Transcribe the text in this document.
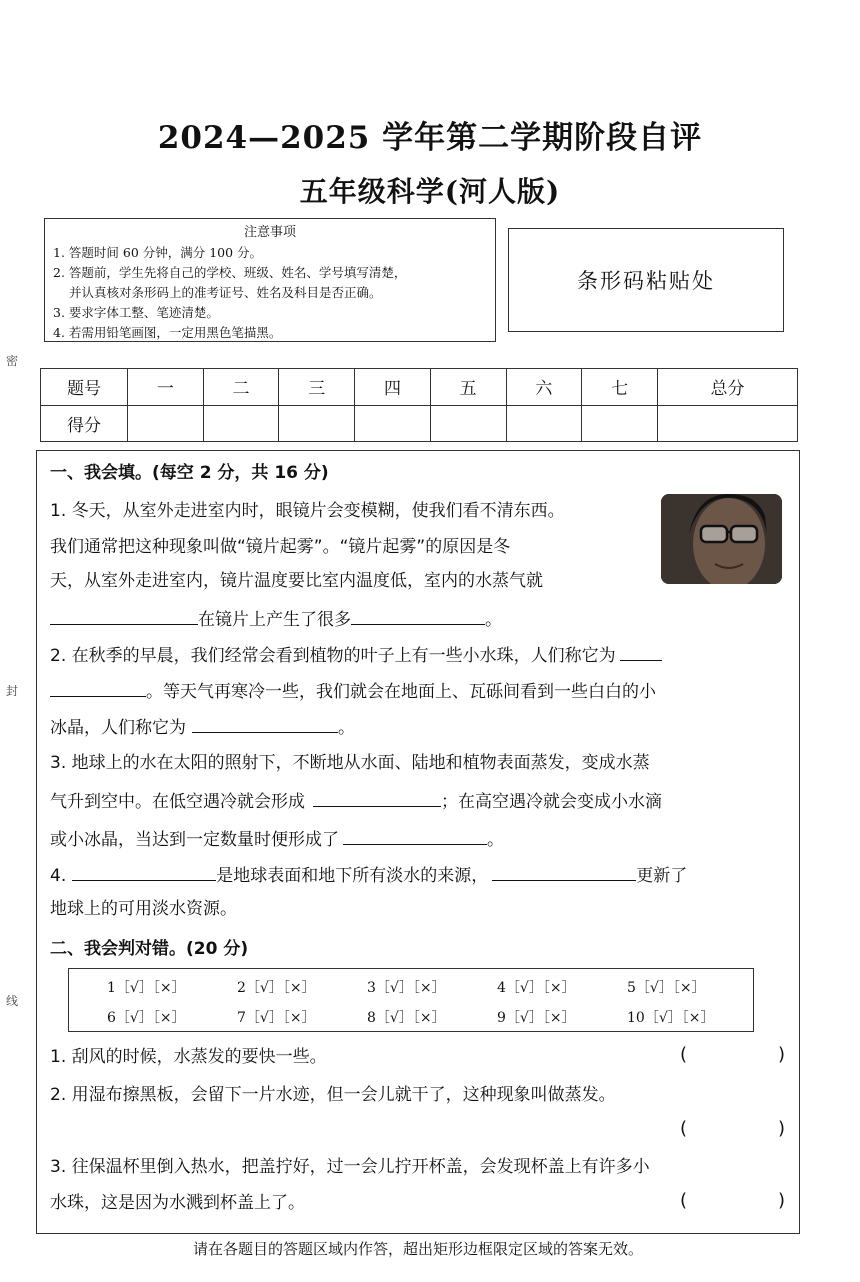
2024—2025 学年第二学期阶段自评
五年级科学(河人版)
注意事项
1. 答题时间 60 分钟，满分 100 分。
2. 答题前，学生先将自己的学校、班级、姓名、学号填写清楚，
并认真核对条形码上的准考证号、姓名及科目是否正确。
3. 要求字体工整、笔迹清楚。
4. 若需用铅笔画图，一定用黑色笔描黑。
条形码粘贴处
密
封
线
题号	一	二	三	四	五	六	七	总分
得分								
一、我会填。(每空 2 分，共 16 分)
1. 冬天，从室外走进室内时，眼镜片会变模糊，使我们看不清东西。
我们通常把这种现象叫做“镜片起雾”。“镜片起雾”的原因是冬
天，从室外走进室内，镜片温度要比室内温度低，室内的水蒸气就
在镜片上产生了很多	。
2. 在秋季的早晨，我们经常会看到植物的叶子上有一些小水珠，人们称它为
。等天气再寒冷一些，我们就会在地面上、瓦砾间看到一些白白的小
冰晶，人们称它为	。
3. 地球上的水在太阳的照射下，不断地从水面、陆地和植物表面蒸发，变成水蒸
气升到空中。在低空遇冷就会形成	；在高空遇冷就会变成小水滴
或小冰晶，当达到一定数量时便形成了	。
4.	是地球表面和地下所有淡水的来源，	更新了
地球上的可用淡水资源。
二、我会判对错。(20 分)
1［√］［×］	2［√］［×］	3［√］［×］	4［√］［×］	5［√］［×］
6［√］［×］	7［√］［×］	8［√］［×］	9［√］［×］	10［√］［×］
1. 刮风的时候，水蒸发的要快一些。	(	)
2. 用湿布擦黑板，会留下一片水迹，但一会儿就干了，这种现象叫做蒸发。
(	)
3. 往保温杯里倒入热水，把盖拧好，过一会儿拧开杯盖，会发现杯盖上有许多小
水珠，这是因为水溅到杯盖上了。	(	)
请在各题目的答题区域内作答，超出矩形边框限定区域的答案无效。
